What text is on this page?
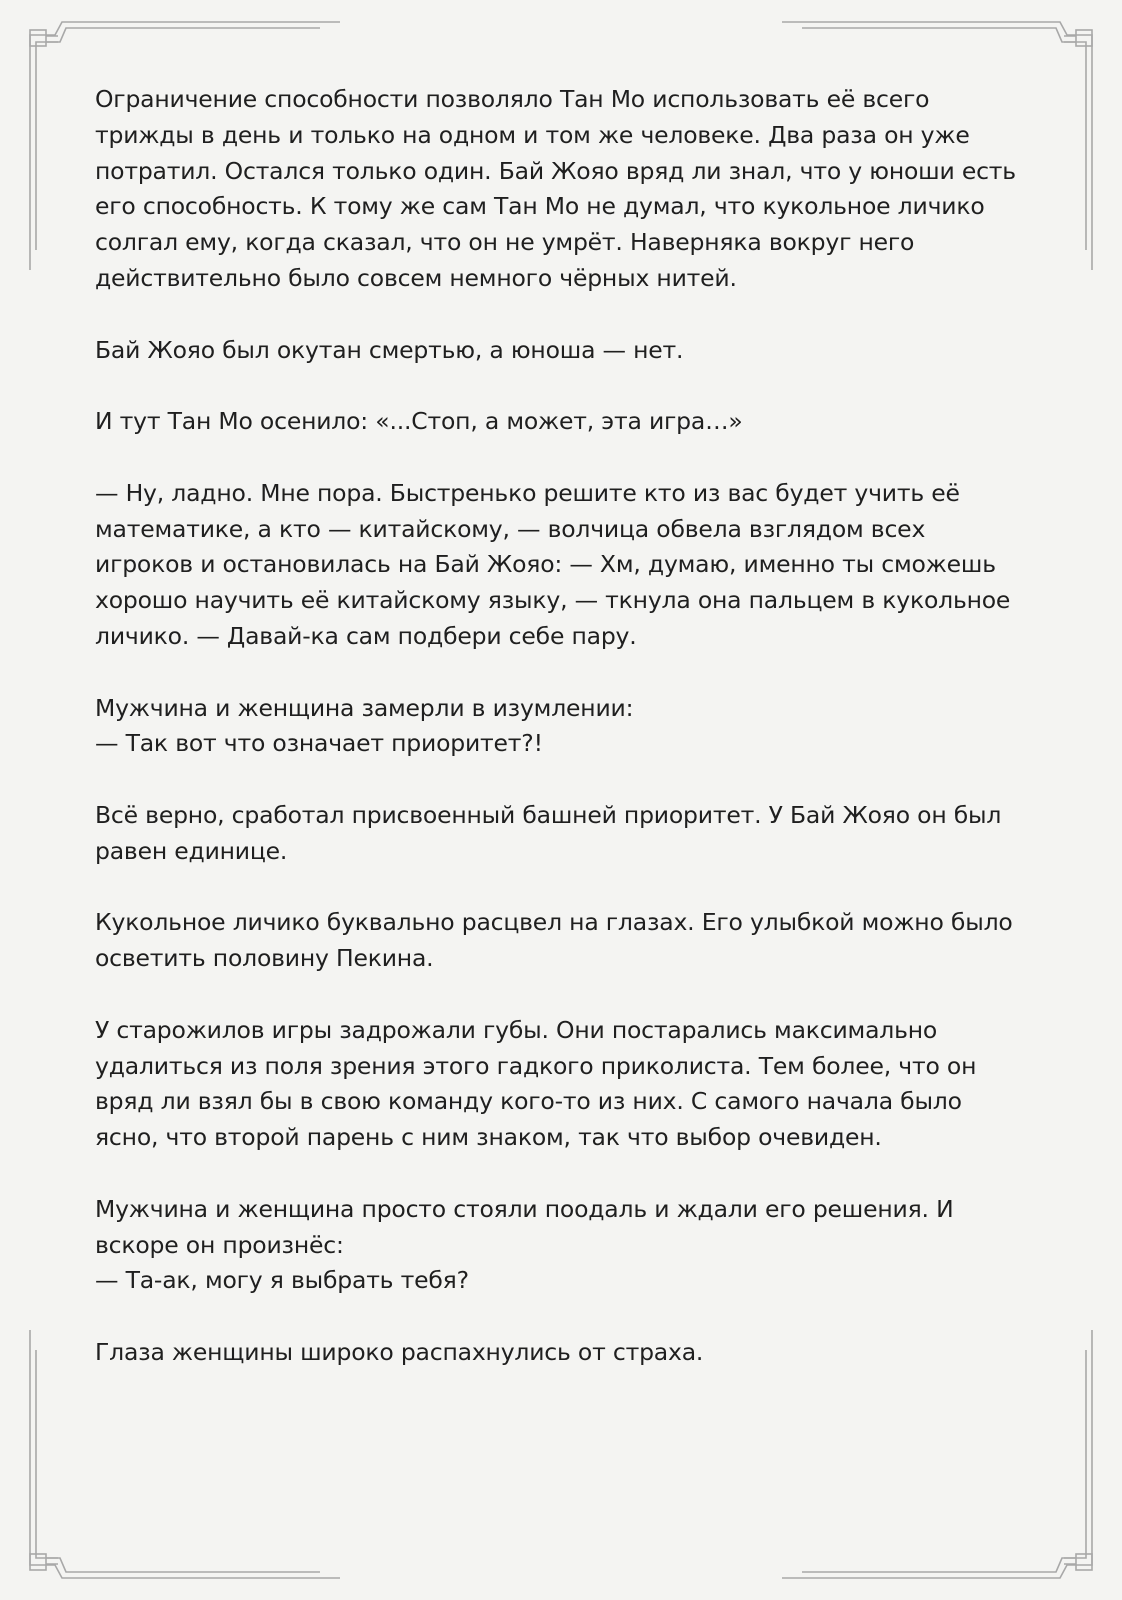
Ограничение способности позволяло Тан Мо использовать её всего
трижды в день и только на одном и том же человеке. Два раза он уже
потратил. Остался только один. Бай Жояо вряд ли знал, что у юноши есть
его способность. К тому же сам Тан Мо не думал, что кукольное личико
солгал ему, когда сказал, что он не умрёт. Наверняка вокруг него
действительно было совсем немного чёрных нитей.

Бай Жояо был окутан смертью, а юноша — нет.

И тут Тан Мо осенило: «...Стоп, а может, эта игра…»

— Ну, ладно. Мне пора. Быстренько решите кто из вас будет учить её
математике, а кто — китайскому, — волчица обвела взглядом всех
игроков и остановилась на Бай Жояо: — Хм, думаю, именно ты сможешь
хорошо научить её китайскому языку, — ткнула она пальцем в кукольное
личико. — Давай-ка сам подбери себе пару.

Мужчина и женщина замерли в изумлении:
— Так вот что означает приоритет?!

Всё верно, сработал присвоенный башней приоритет. У Бай Жояо он был
равен единице.

Кукольное личико буквально расцвел на глазах. Его улыбкой можно было
осветить половину Пекина.

У старожилов игры задрожали губы. Они постарались максимально
удалиться из поля зрения этого гадкого приколиста. Тем более, что он
вряд ли взял бы в свою команду кого-то из них. С самого начала было
ясно, что второй парень с ним знаком, так что выбор очевиден.

Мужчина и женщина просто стояли поодаль и ждали его решения. И
вскоре он произнёс:
— Та-ак, могу я выбрать тебя?

Глаза женщины широко распахнулись от страха.
